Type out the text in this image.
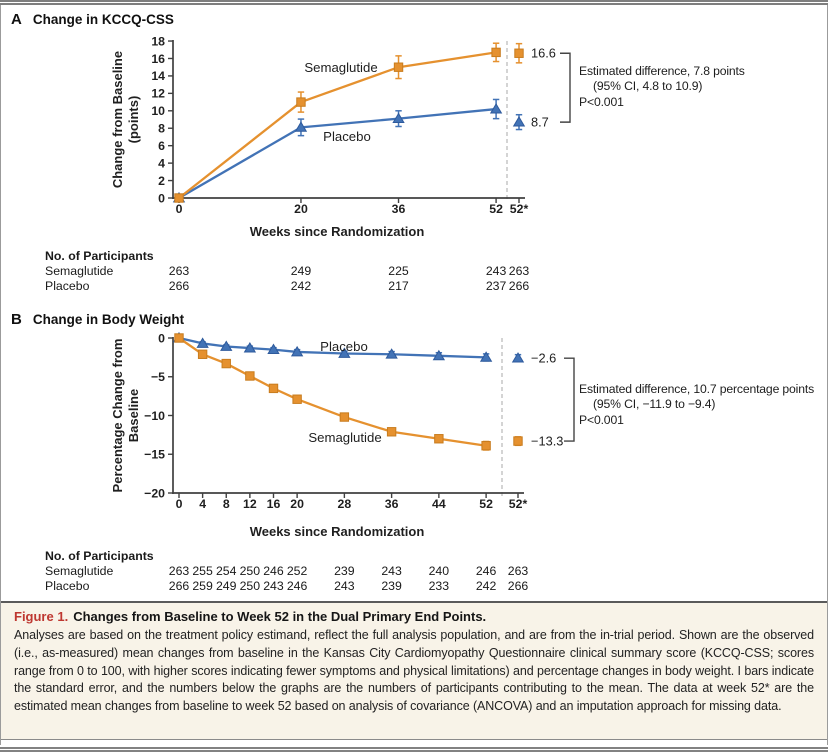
A Change in KCCQ-CSS
0
2
4
6
8
10
12
14
16
18
0	20	36	52 52*
Weeks since Randomization
Change from Baseline (points)	8.7
Placebo
16.6
Semaglutide	Estimated difference, 7.8 points
(95% CI, 4.8 to 10.9)
P<0.001
No. of Participants
Semaglutide	263	249	225	243 263
Placebo	266	242	217	237 266
B Change in Body Weight
0
−5
−10
−15
−20
0 4 8 12 16 20	28	36	44	52 52*
Weeks since Randomization
Percentage Change from Baseline
−2.6
Placebo
−13.3
Semaglutide
Estimated difference, 10.7 percentage points
(95% CI, −11.9 to −9.4)
P<0.001
No. of Participants
Semaglutide	263 255 254 250 246 252 239 243 240 246 263
Placebo	266 259 249 250 243 246 243 239 233 242 266

Figure 1. Changes from Baseline to Week 52 in the Dual Primary End Points.

Analyses are based on the treatment policy estimand, reflect the full analysis population, and are from the in-trial period. Shown are the observed (i.e., as-measured) mean changes from baseline in the Kansas City Cardiomyopathy Questionnaire clinical summary score (KCCQ-CSS; scores range from 0 to 100, with higher scores indicating fewer symptoms and physical limitations) and percentage changes in body weight. I bars indicate the standard error, and the numbers below the graphs are the numbers of participants contributing to the mean. The data at week 52* are the estimated mean changes from baseline to week 52 based on analysis of covariance (ANCOVA) and an imputation approach for missing data.
